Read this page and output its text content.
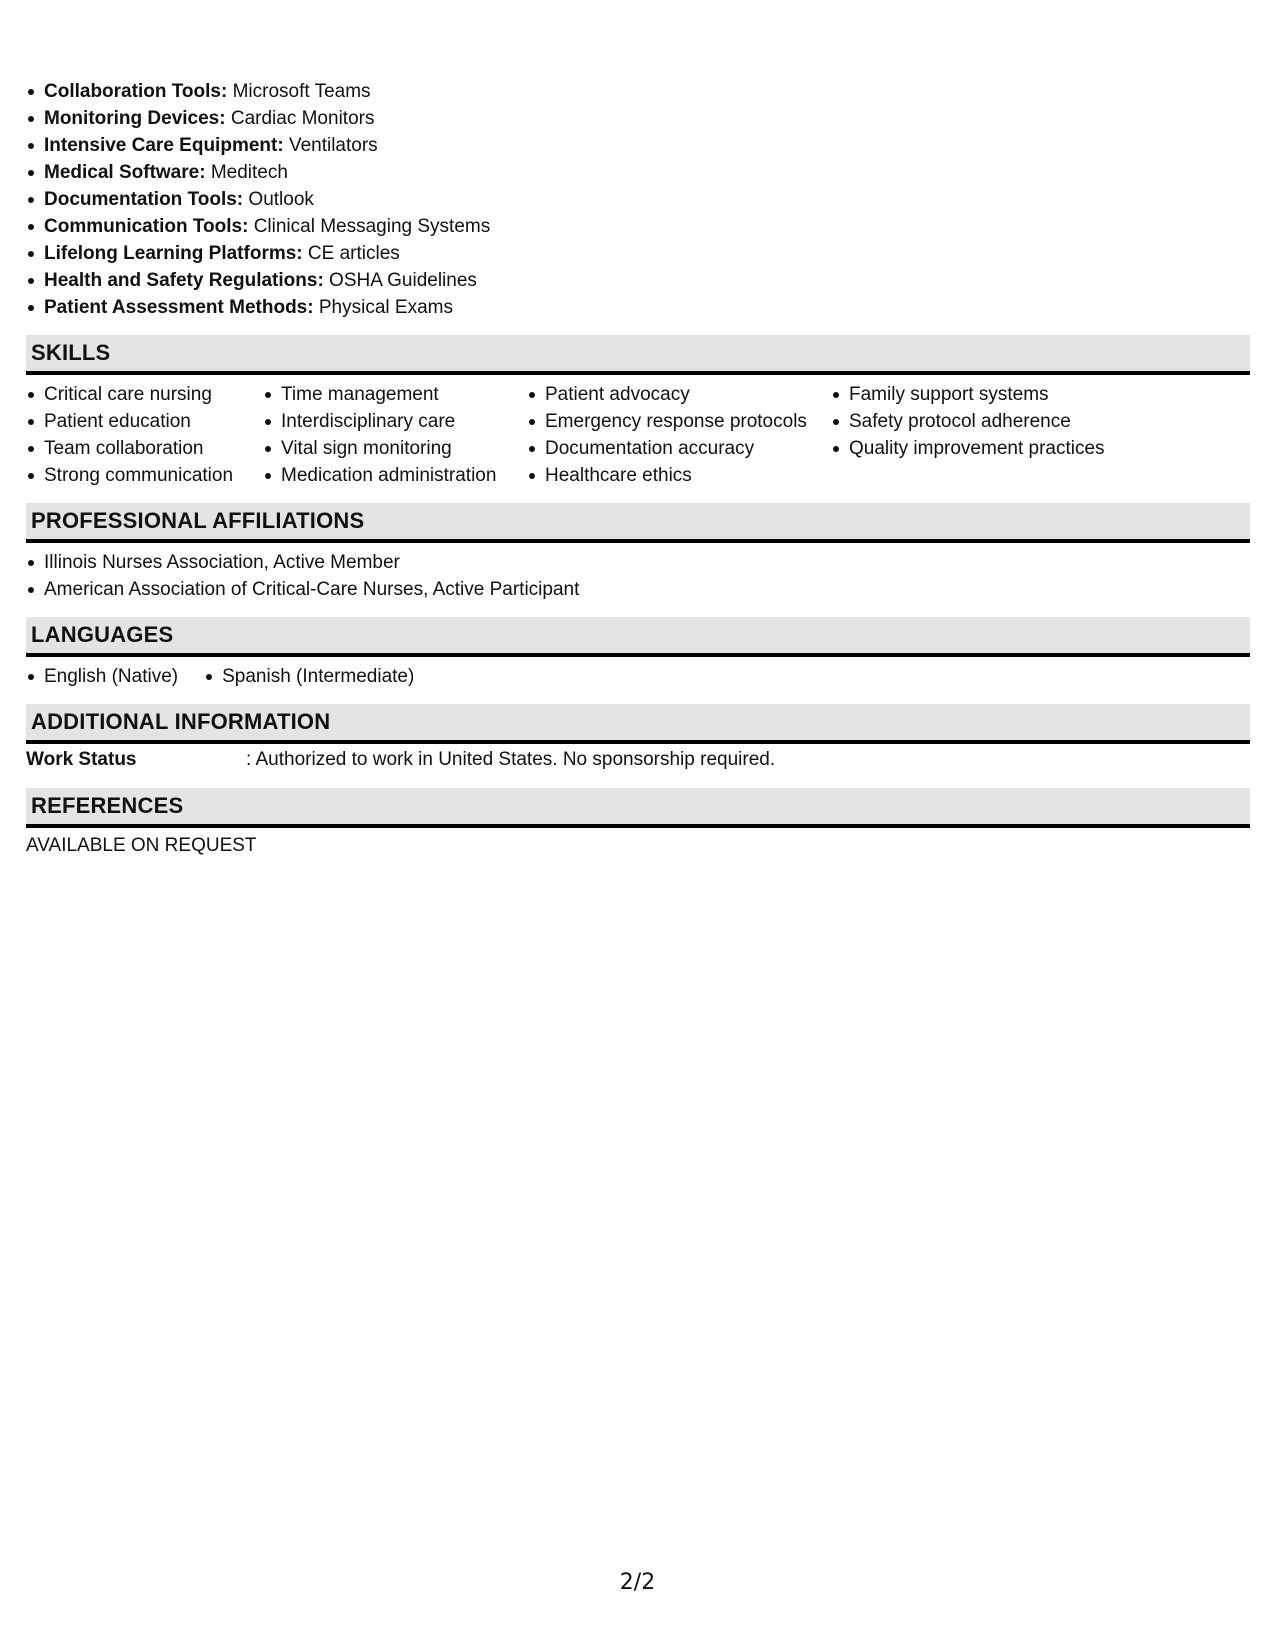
Collaboration Tools: Microsoft Teams
Monitoring Devices: Cardiac Monitors
Intensive Care Equipment: Ventilators
Medical Software: Meditech
Documentation Tools: Outlook
Communication Tools: Clinical Messaging Systems
Lifelong Learning Platforms: CE articles
Health and Safety Regulations: OSHA Guidelines
Patient Assessment Methods: Physical Exams
SKILLS
Critical care nursing
Patient education
Team collaboration
Strong communication
Time management
Interdisciplinary care
Vital sign monitoring
Medication administration
Patient advocacy
Emergency response protocols
Documentation accuracy
Healthcare ethics
Family support systems
Safety protocol adherence
Quality improvement practices
PROFESSIONAL AFFILIATIONS
Illinois Nurses Association, Active Member
American Association of Critical-Care Nurses, Active Participant
LANGUAGES
English (Native)	Spanish (Intermediate)
ADDITIONAL INFORMATION
Work Status	: Authorized to work in United States. No sponsorship required.
REFERENCES
AVAILABLE ON REQUEST
2/2
